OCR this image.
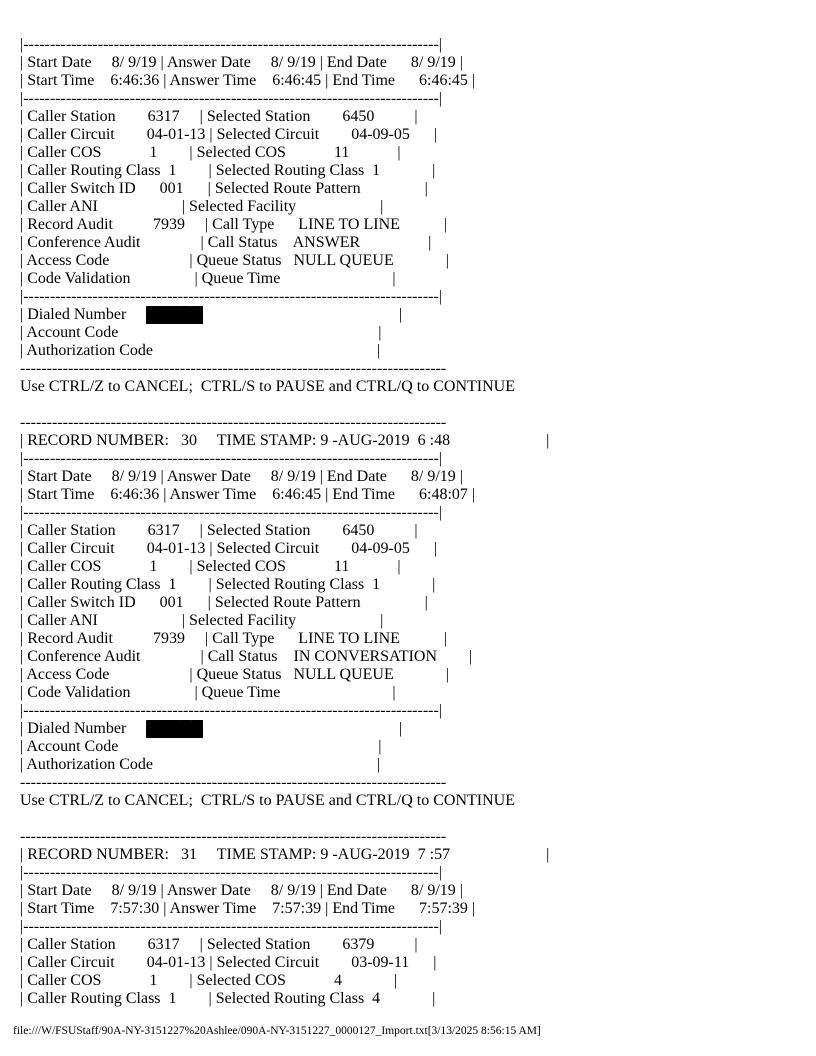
|------------------------------------------------------------------------------|
| Start Date     8/ 9/19 | Answer Date     8/ 9/19 | End Date      8/ 9/19 |
| Start Time    6:46:36 | Answer Time    6:46:45 | End Time      6:46:45 |
|------------------------------------------------------------------------------|
| Caller Station        6317     | Selected Station        6450          |
| Caller Circuit        04-01-13 | Selected Circuit        04-09-05      |
| Caller COS            1        | Selected COS            11            |
| Caller Routing Class  1        | Selected Routing Class  1             |
| Caller Switch ID      001      | Selected Route Pattern                |
| Caller ANI                     | Selected Facility                     |
| Record Audit          7939     | Call Type      LINE TO LINE           |
| Conference Audit               | Call Status    ANSWER                 |
| Access Code                    | Queue Status   NULL QUEUE             |
| Code Validation                | Queue Time                            |
|------------------------------------------------------------------------------|
| Dialed Number     █████                                                 |
| Account Code                                                                 |
| Authorization Code                                                        |
--------------------------------------------------------------------------------
Use CTRL/Z to CANCEL;  CTRL/S to PAUSE and CTRL/Q to CONTINUE

--------------------------------------------------------------------------------
| RECORD NUMBER:   30     TIME STAMP: 9 -AUG-2019  6 :48                        |
|------------------------------------------------------------------------------|
| Start Date     8/ 9/19 | Answer Date     8/ 9/19 | End Date      8/ 9/19 |
| Start Time    6:46:36 | Answer Time    6:46:45 | End Time      6:48:07 |
|------------------------------------------------------------------------------|
| Caller Station        6317     | Selected Station        6450          |
| Caller Circuit        04-01-13 | Selected Circuit        04-09-05      |
| Caller COS            1        | Selected COS            11            |
| Caller Routing Class  1        | Selected Routing Class  1             |
| Caller Switch ID      001      | Selected Route Pattern                |
| Caller ANI                     | Selected Facility                     |
| Record Audit          7939     | Call Type      LINE TO LINE           |
| Conference Audit               | Call Status    IN CONVERSATION        |
| Access Code                    | Queue Status   NULL QUEUE             |
| Code Validation                | Queue Time                            |
|------------------------------------------------------------------------------|
| Dialed Number     █████                                                 |
| Account Code                                                                 |
| Authorization Code                                                        |
--------------------------------------------------------------------------------
Use CTRL/Z to CANCEL;  CTRL/S to PAUSE and CTRL/Q to CONTINUE

--------------------------------------------------------------------------------
| RECORD NUMBER:   31     TIME STAMP: 9 -AUG-2019  7 :57                        |
|------------------------------------------------------------------------------|
| Start Date     8/ 9/19 | Answer Date     8/ 9/19 | End Date      8/ 9/19 |
| Start Time    7:57:30 | Answer Time    7:57:39 | End Time      7:57:39 |
|------------------------------------------------------------------------------|
| Caller Station        6317     | Selected Station        6379          |
| Caller Circuit        04-01-13 | Selected Circuit        03-09-11      |
| Caller COS            1        | Selected COS            4             |
| Caller Routing Class  1        | Selected Routing Class  4             |
file:///W/FSUStaff/90A-NY-3151227%20Ashlee/090A-NY-3151227_0000127_Import.txt[3/13/2025 8:56:15 AM]
